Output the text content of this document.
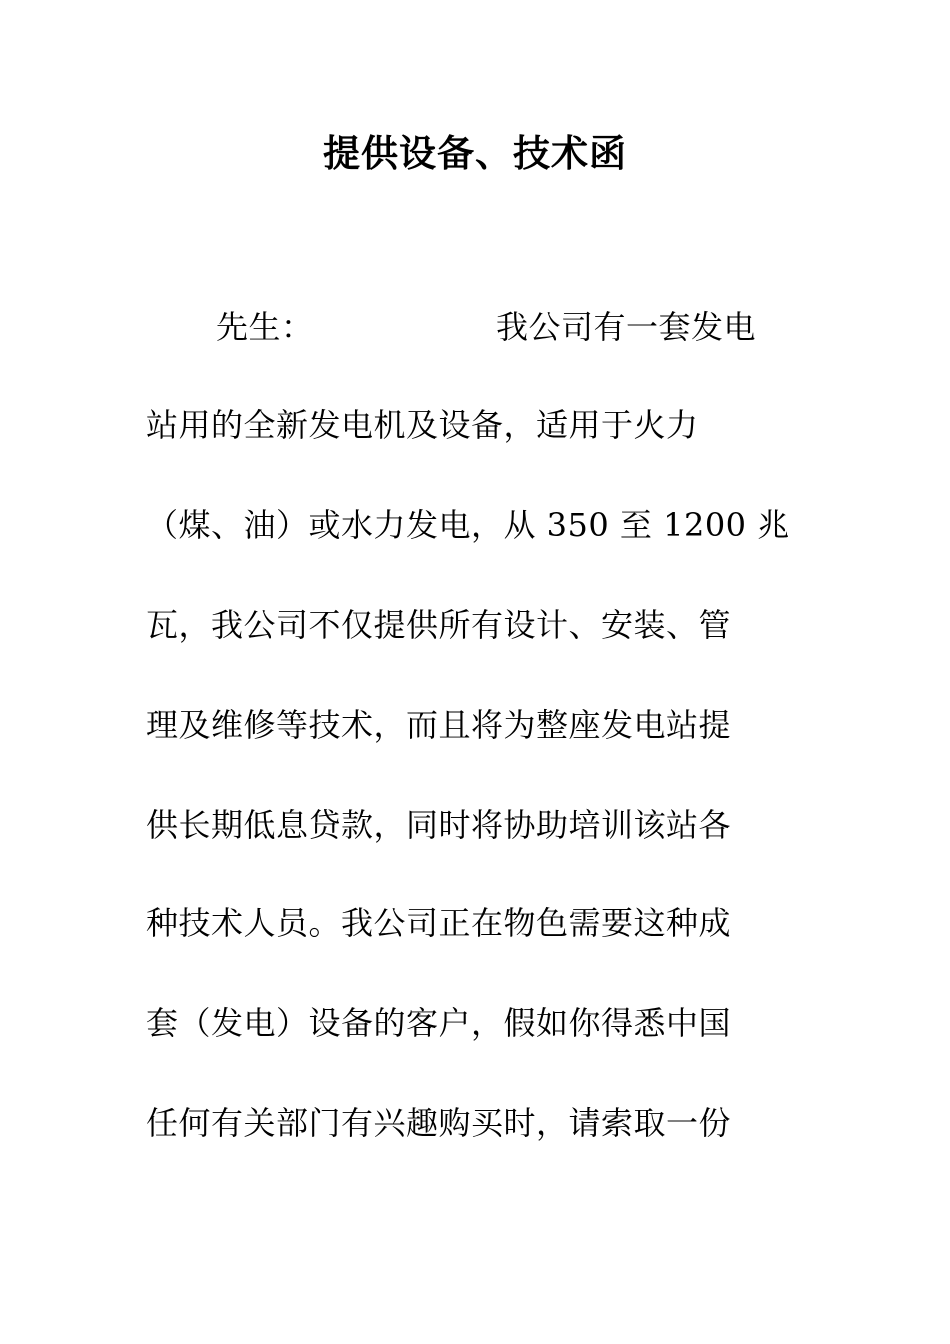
提供设备、技术函
先生：	我公司有一套发电
站用的全新发电机及设备，适用于火力
（煤、油）或水力发电，从 350 至 1200 兆
瓦，我公司不仅提供所有设计、安装、管
理及维修等技术，而且将为整座发电站提
供长期低息贷款，同时将协助培训该站各
种技术人员。我公司正在物色需要这种成
套（发电）设备的客户，假如你得悉中国
任何有关部门有兴趣购买时，请索取一份
